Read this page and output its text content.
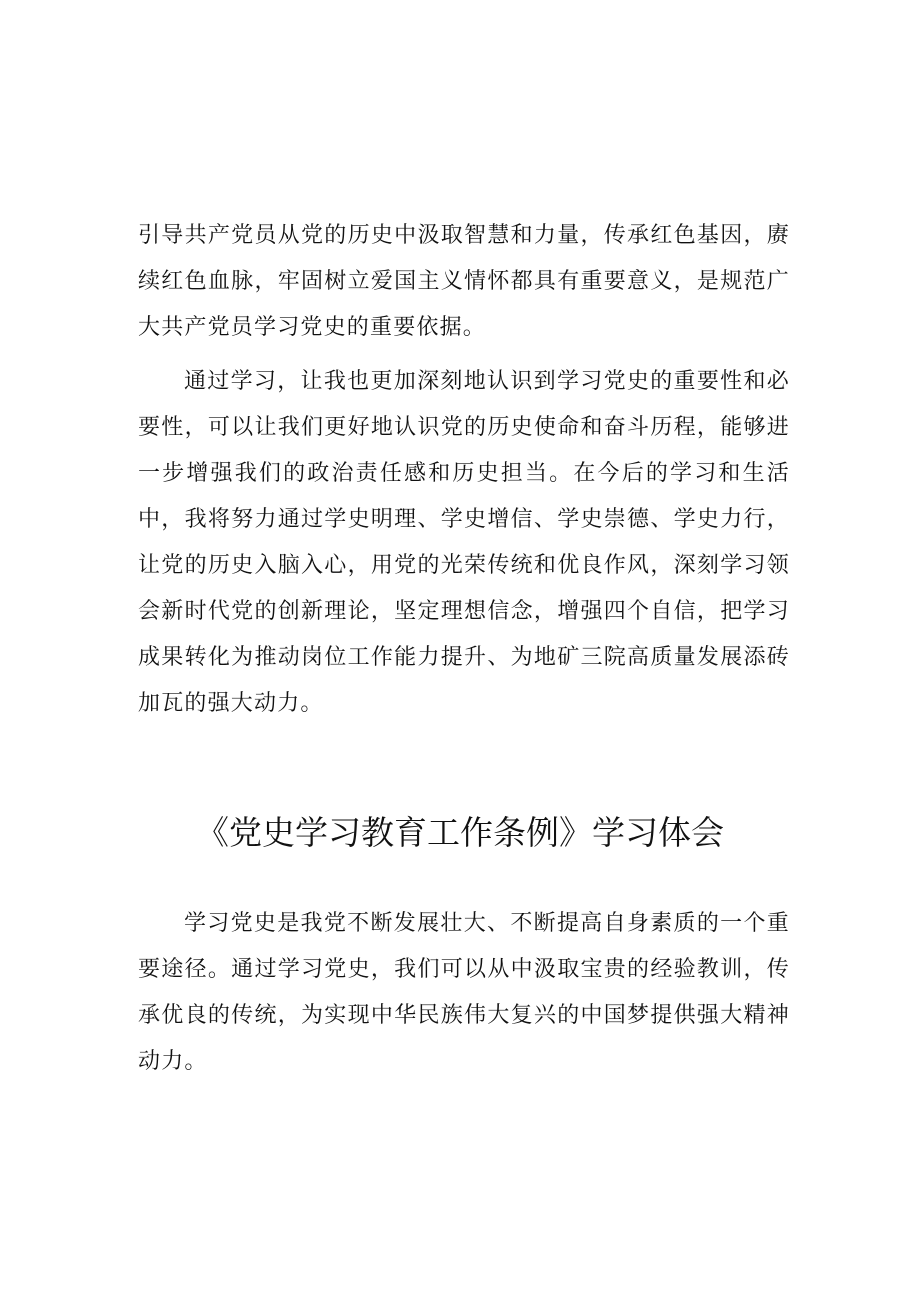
引导共产党员从党的历史中汲取智慧和力量，传承红色基因，赓续红色血脉，牢固树立爱国主义情怀都具有重要意义，是规范广大共产党员学习党史的重要依据。

通过学习，让我也更加深刻地认识到学习党史的重要性和必要性，可以让我们更好地认识党的历史使命和奋斗历程，能够进一步增强我们的政治责任感和历史担当。在今后的学习和生活中，我将努力通过学史明理、学史增信、学史崇德、学史力行，让党的历史入脑入心，用党的光荣传统和优良作风，深刻学习领会新时代党的创新理论，坚定理想信念，增强四个自信，把学习成果转化为推动岗位工作能力提升、为地矿三院高质量发展添砖加瓦的强大动力。

《党史学习教育工作条例》学习体会

学习党史是我党不断发展壮大、不断提高自身素质的一个重要途径。通过学习党史，我们可以从中汲取宝贵的经验教训，传承优良的传统，为实现中华民族伟大复兴的中国梦提供强大精神动力。
